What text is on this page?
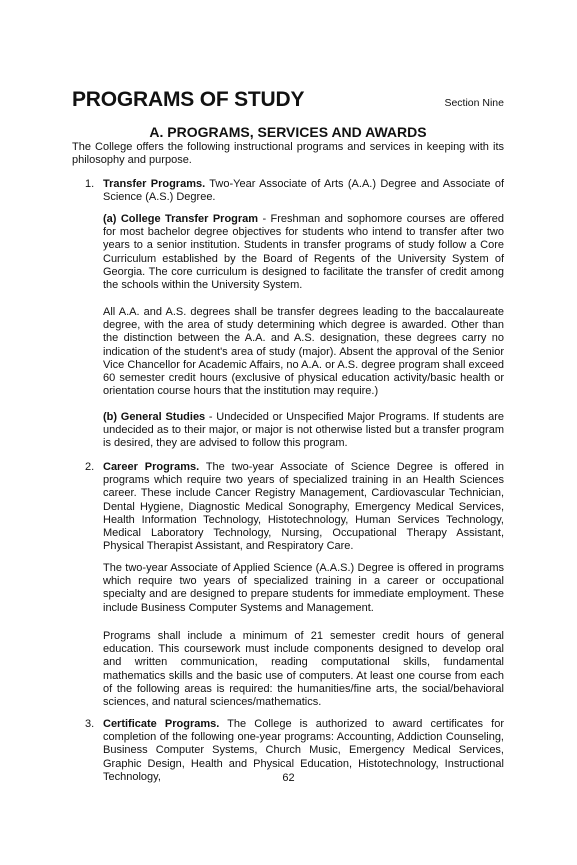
PROGRAMS OF STUDY	Section Nine
A. PROGRAMS, SERVICES AND AWARDS

The College offers the following instructional programs and services in keeping with its philosophy and purpose.

1. Transfer Programs. Two-Year Associate of Arts (A.A.) Degree and Associate of Science (A.S.) Degree.

(a) College Transfer Program - Freshman and sophomore courses are offered for most bachelor degree objectives for students who intend to transfer after two years to a senior institution. Students in transfer programs of study follow a Core Curriculum established by the Board of Regents of the University System of Georgia. The core curriculum is designed to facilitate the transfer of credit among the schools within the University System.

All A.A. and A.S. degrees shall be transfer degrees leading to the baccalaureate degree, with the area of study determining which degree is awarded. Other than the distinction between the A.A. and A.S. designation, these degrees carry no indication of the student's area of study (major). Absent the approval of the Senior Vice Chancellor for Academic Affairs, no A.A. or A.S. degree program shall exceed 60 semester credit hours (exclusive of physical education activity/basic health or orientation course hours that the institution may require.)

(b) General Studies - Undecided or Unspecified Major Programs. If students are undecided as to their major, or major is not otherwise listed but a transfer program is desired, they are advised to follow this program.

2. Career Programs. The two-year Associate of Science Degree is offered in programs which require two years of specialized training in an Health Sciences career. These include Cancer Registry Management, Cardiovascular Technician, Dental Hygiene, Diagnostic Medical Sonography, Emergency Medical Services, Health Information Technology, Histotechnology, Human Services Technology, Medical Laboratory Technology, Nursing, Occupational Therapy Assistant, Physical Therapist Assistant, and Respiratory Care.

The two-year Associate of Applied Science (A.A.S.) Degree is offered in programs which require two years of specialized training in a career or occupational specialty and are designed to prepare students for immediate employment. These include Business Computer Systems and Management.

Programs shall include a minimum of 21 semester credit hours of general education. This coursework must include components designed to develop oral and written communication, reading computational skills, fundamental mathematics skills and the basic use of computers. At least one course from each of the following areas is required: the humanities/fine arts, the social/behavioral sciences, and natural sciences/mathematics.

3. Certificate Programs. The College is authorized to award certificates for completion of the following one-year programs: Accounting, Addiction Counseling, Business Computer Systems, Church Music, Emergency Medical Services, Graphic Design, Health and Physical Education, Histotechnology, Instructional Technology,	62
